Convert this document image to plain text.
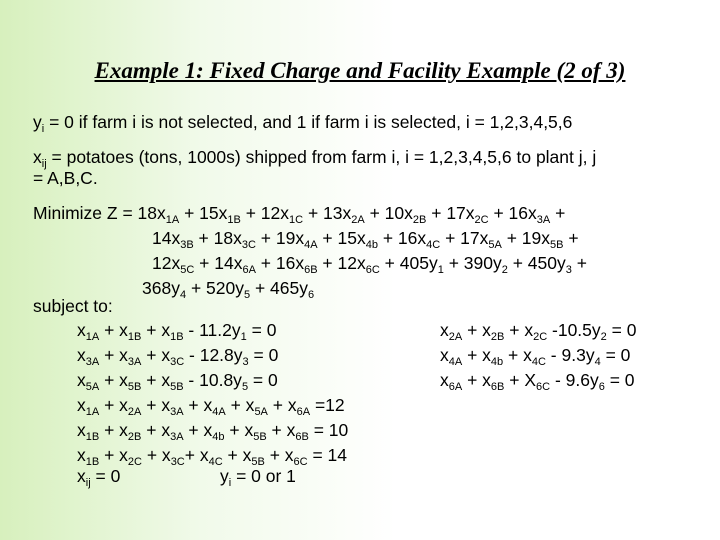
Example 1: Fixed Charge and Facility Example (2 of 3)
$y_i = 0$ if farm i is not selected, and 1 if farm i is selected, i = 1,2,3,4,5,6
$x_{ij}$ = potatoes (tons, 1000s) shipped from farm i, i = 1,2,3,4,5,6 to plant j, j
= A,B,C.
Minimize $Z = 18x_{1A} + 15x_{1B} + 12x_{1C} + 13x_{2A} + 10x_{2B} + 17x_{2C} + 16x_{3A}$ +
$14x_{3B} + 18x_{3C} + 19x_{4A} + 15x_{4b} + 16x_{4C} + 17x_{5A} + 19x_{5B}$ +
$12x_{5C} + 14x_{6A} + 16x_{6B} + 12x_{6C} + 405y_1 + 390y_2 + 450y_3$ +
$368y_4 + 520y_5 + 465y_6$
subject to:
$x_{1A} + x_{1B} + x_{1B} - 11.2y_1 = 0$
$x_{3A} + x_{3A} + x_{3C} - 12.8y_3 = 0$
$x_{5A} + x_{5B} + x_{5B} - 10.8y_5 = 0$
$x_{1A} + x_{2A} + x_{3A} + x_{4A} + x_{5A} + x_{6A} =12$
$x_{1B} + x_{2B} + x_{3A} + x_{4b} + x_{5B} + x_{6B} = 10$
$x_{1B} + x_{2C} + x_{3C}+ x_{4C} + x_{5B} + x_{6C} = 14$
$x_{2A} + x_{2B} + x_{2C}$ $-10.5y_2 = 0$
$x_{4A} + x_{4b} + x_{4C} - 9.3y_4 = 0$
$x_{6A} + x_{6B} + X_{6C} - 9.6y_6 = 0$
$x_{ij} = 0$	$y_i = 0$ or 1
